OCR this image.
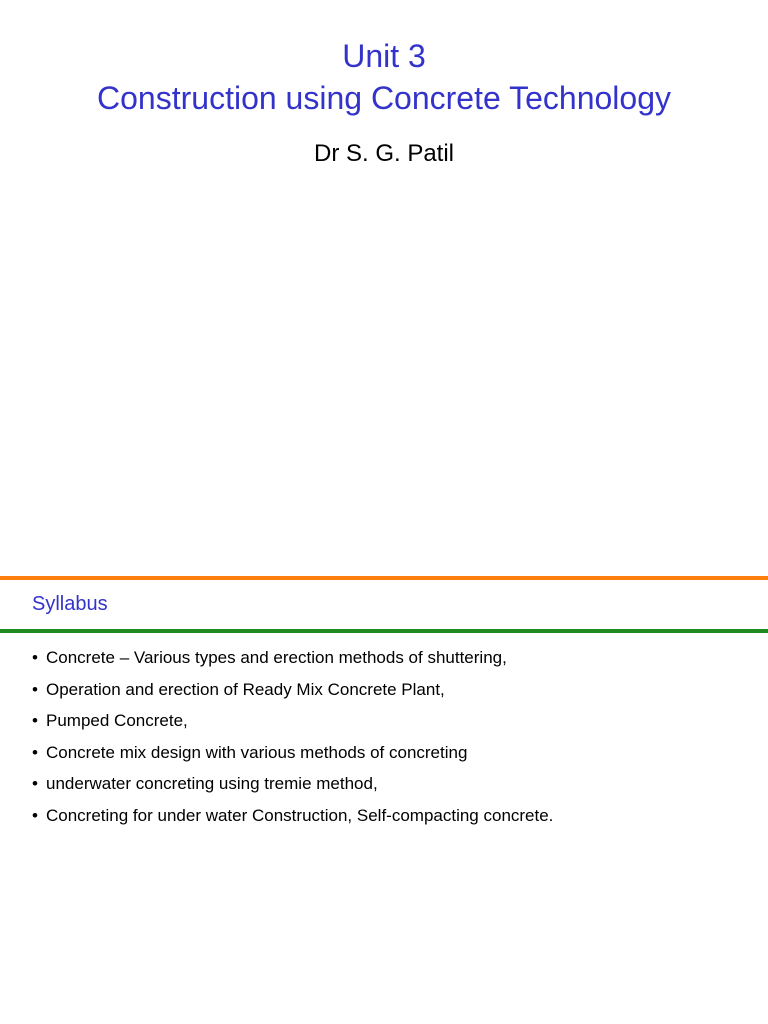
Unit 3
Construction using Concrete Technology
Dr S. G. Patil
Syllabus
• Concrete – Various types and erection methods of shuttering,
• Operation and erection of Ready Mix Concrete Plant,
• Pumped Concrete,
• Concrete mix design with various methods of concreting
• underwater concreting using tremie method,
• Concreting for under water Construction, Self-compacting concrete.
